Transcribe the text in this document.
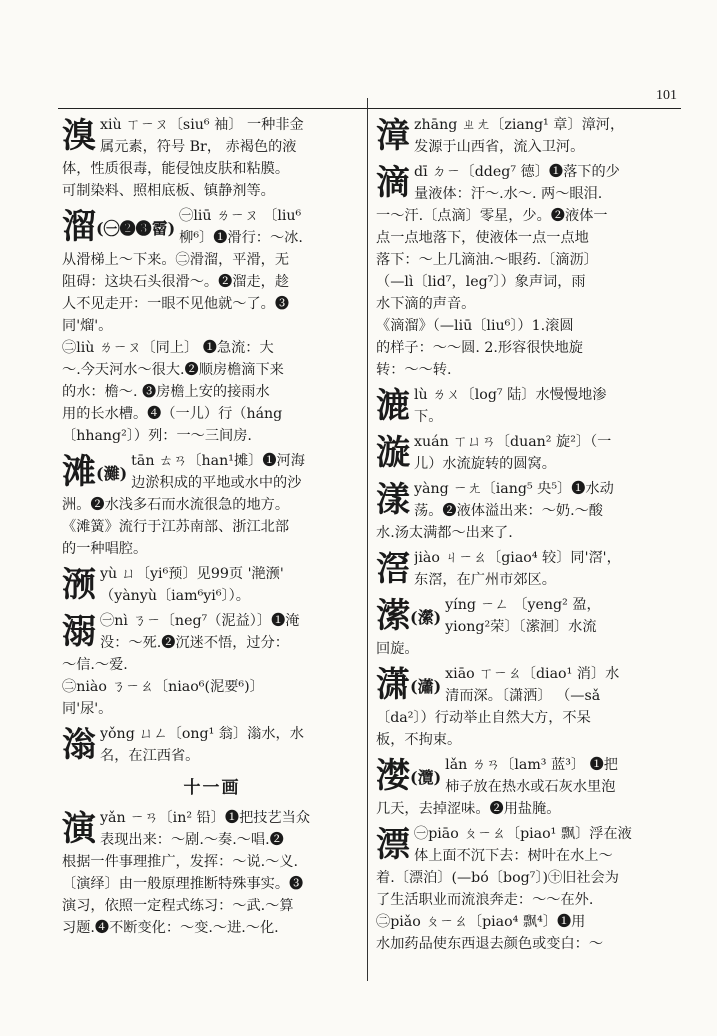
101
溴 xiù ㄒㄧㄡ〔siu⁶ 袖〕 一种非金
属元素，符号 Br， 赤褐色的液
体，性质很毒，能侵蚀皮肤和粘膜。
可制染料、照相底板、镇静剂等。
溜(㊀❷❸霤)
㊀liū ㄌㄧㄡ 〔liu⁶
柳⁶〕❶滑行：～冰.
从滑梯上～下来。㊁滑溜，平滑，无
阻碍：这块石头很滑～。❷溜走，趁
人不见走开：一眼不见他就～了。❸
同'熘'。
㊁liù ㄌㄧㄡ〔同上〕 ❶急流：大
～.今天河水～很大.❷顺房檐滴下来
的水：檐～. ❸房檐上安的接雨水
用的长水槽。❹（一儿）行（háng
〔hhang²〕）列：一～三间房.
滩(灘)
tān ㄊㄢ〔han¹摊〕❶河海
边淤积成的平地或水中的沙
洲。❷水浅多石而水流很急的地方。
《滩簧》流行于江苏南部、浙江北部
的一种唱腔。
滪 yù ㄩ〔yi⁶预〕见99页 '滟滪'
（yànyù〔iam⁶yi⁶〕）。
溺 ㊀nì ㄋㄧ〔neg⁷（泥益）〕❶淹
没：～死.❷沉迷不悟，过分：
～信.～爱.
㊁niào ㄋㄧㄠ〔niao⁶(泥要⁶)〕
同'尿'。
滃 yǒng ㄩㄥ〔ong¹ 翁〕滃水，水
名，在江西省。
十一画
演 yǎn ㄧㄢ〔in² 铅〕❶把技艺当众
表现出来：～剧.～奏.～唱.❷
根据一件事理推广，发挥：～说.～义.
〔演绎〕由一般原理推断特殊事实。❸
演习，依照一定程式练习：～武.～算
习题.❹不断变化：～变.～进.～化.
漳 zhāng ㄓㄤ〔ziang¹ 章〕漳河，
发源于山西省，流入卫河。
滴 dī ㄉㄧ〔ddeg⁷ 德〕❶落下的少
量液体：汗～.水～. 两～眼泪.
一～汗.〔点滴〕零星，少。❷液体一
点一点地落下，使液体一点一点地
落下：～上几滴油.～眼药.〔滴沥〕
（—lì〔lid⁷，leg⁷〕）象声词，雨
水下滴的声音。
《滴溜》（—liū〔liu⁶〕）1.滚圆
的样子：～～圆. 2.形容很快地旋
转：～～转.
漉 lù ㄌㄨ〔log⁷ 陆〕水慢慢地渗
下。
漩 xuán ㄒㄩㄢ〔duan² 旋²〕（一
儿）水流旋转的圆窝。
漾 yàng ㄧㄤ〔iang⁵ 央⁵〕❶水动
荡。❷液体溢出来：～奶.～酸
水.汤太满都～出来了.
滘 jiào ㄐㄧㄠ〔giao⁴ 较〕同'滘'，
东滘，在广州市郊区。
潆(瀠)
yíng ㄧㄥ 〔yeng² 盈，
yiong²荣〕〔潆洄〕水流
回旋。
潇(瀟)
xiāo ㄒㄧㄠ〔diao¹ 消〕水
清而深。〔潇洒〕 （—sǎ
〔da²〕）行动举止自然大方，不呆
板，不拘束。
漤(灠)
lǎn ㄌㄢ〔lam³ 蓝³〕 ❶把
柿子放在热水或石灰水里泡
几天，去掉涩味。❷用盐腌。
漂 ㊀piāo ㄆㄧㄠ〔piao¹ 飘〕浮在液
体上面不沉下去：树叶在水上～
着.〔漂泊〕(—bó〔bog⁷〕)㊉旧社会为
了生活职业而流浪奔走：～～在外.
㊁piǎo ㄆㄧㄠ〔piao⁴ 飘⁴〕❶用
水加药品使东西退去颜色或变白：～
